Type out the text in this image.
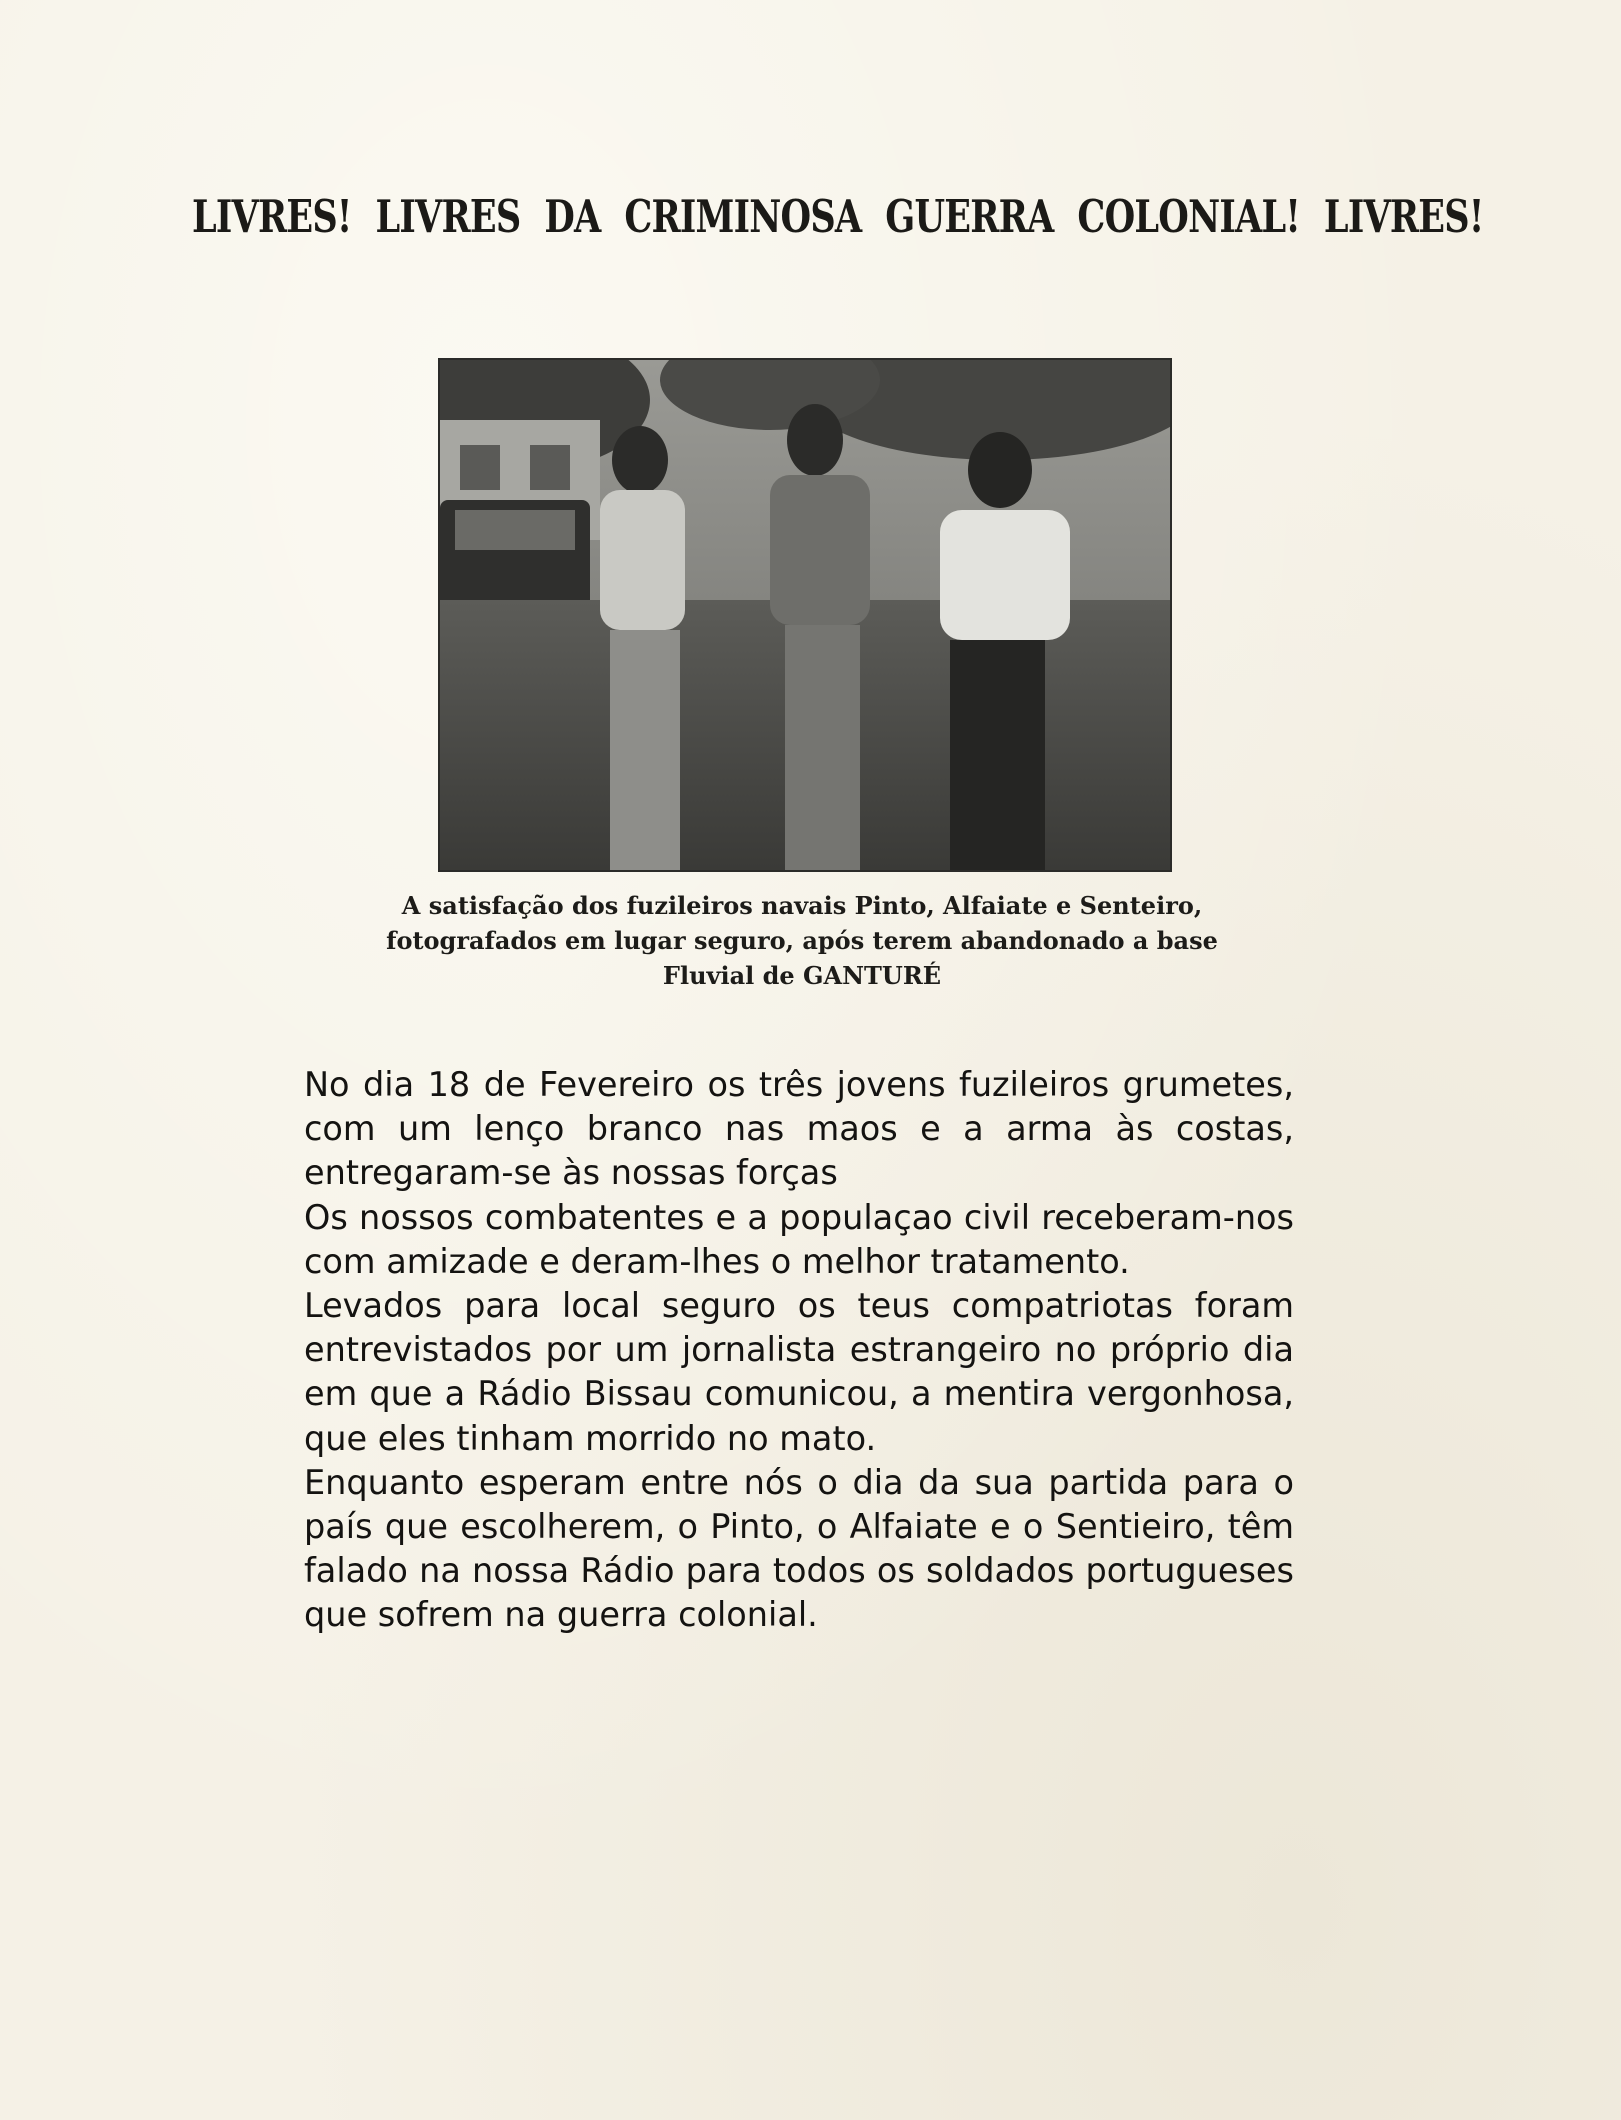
LIVRES! LIVRES DA CRIMINOSA GUERRA COLONIAL! LIVRES!
A satisfação dos fuzileiros navais Pinto, Alfaiate e Senteiro, fotografados em lugar seguro, após terem abandonado a base Fluvial de GANTURÉ

No dia 18 de Fevereiro os três jovens fuzileiros grumetes, com um lenço branco nas maos e a arma às costas, entregaram-se às nossas forças

Os nossos combatentes e a populaçao civil receberam-nos com amizade e deram-lhes o melhor tratamento.

Levados para local seguro os teus compatriotas foram entrevistados por um jornalista estrangeiro no próprio dia em que a Rádio Bissau comunicou, a mentira vergonhosa, que eles tinham morrido no mato.

Enquanto esperam entre nós o dia da sua partida para o país que escolherem, o Pinto, o Alfaiate e o Sentieiro, têm falado na nossa Rádio para todos os soldados portugueses que sofrem na guerra colonial.
